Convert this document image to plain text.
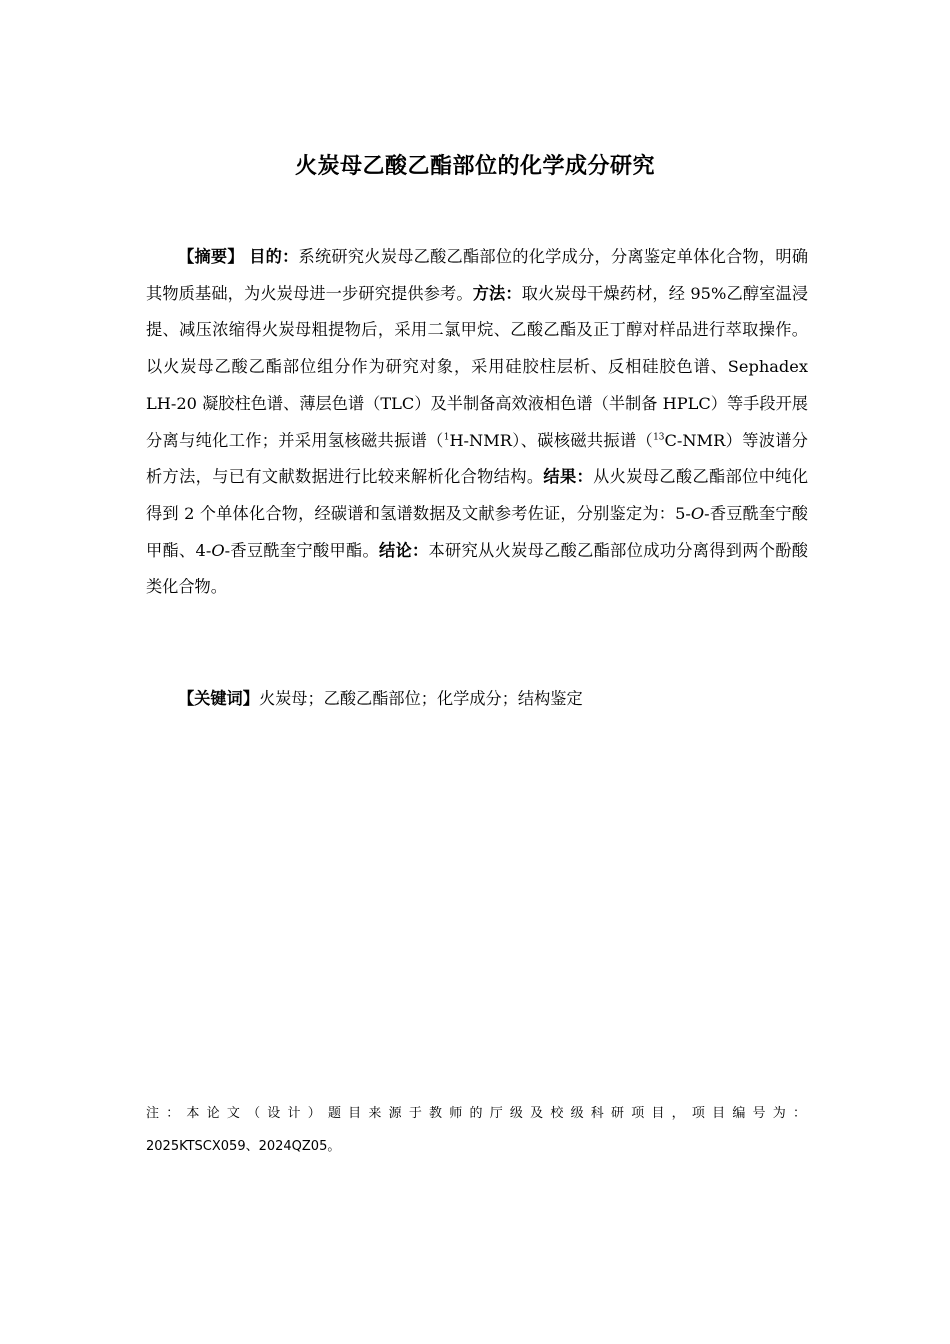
火炭母乙酸乙酯部位的化学成分研究

【摘要】 目的：系统研究火炭母乙酸乙酯部位的化学成分，分离鉴定单体化合物，明确其物质基础，为火炭母进一步研究提供参考。方法：取火炭母干燥药材，经 95%乙醇室温浸提、减压浓缩得火炭母粗提物后，采用二氯甲烷、乙酸乙酯及正丁醇对样品进行萃取操作。以火炭母乙酸乙酯部位组分作为研究对象，采用硅胶柱层析、反相硅胶色谱、Sephadex LH-20 凝胶柱色谱、薄层色谱（TLC）及半制备高效液相色谱（半制备 HPLC）等手段开展分离与纯化工作；并采用氢核磁共振谱（$^1$H-NMR）、碳核磁共振谱（$^{13}$C-NMR）等波谱分析方法，与已有文献数据进行比较来解析化合物结构。结果：从火炭母乙酸乙酯部位中纯化得到 2 个单体化合物，经碳谱和氢谱数据及文献参考佐证，分别鉴定为：5-O-香豆酰奎宁酸甲酯、4-O-香豆酰奎宁酸甲酯。结论：本研究从火炭母乙酸乙酯部位成功分离得到两个酚酸类化合物。

【关键词】火炭母；乙酸乙酯部位；化学成分；结构鉴定

注：本论文（设计）题目来源于教师的厅级及校级科研项目，项目编号为：
2025KTSCX059、2024QZ05。
